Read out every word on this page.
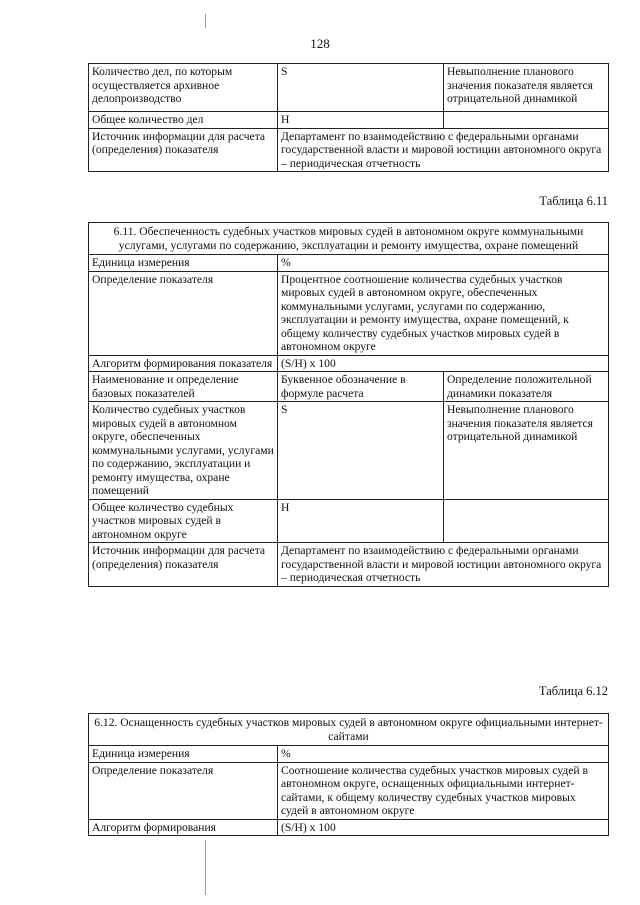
128
Количество дел, по которым осуществляется архивное делопроизводство	S	Невыполнение планового значения показателя является отрицательной динамикой
Общее количество дел	Н	
Источник информации для расчета (определения) показателя	Департамент по взаимодействию с федеральными органами государственной власти и мировой юстиции автономного округа – периодическая отчетность	
Таблица 6.11
6.11. Обеспеченность судебных участков мировых судей в автономном округе коммунальными услугами, услугами по содержанию, эксплуатации и ремонту имущества, охране помещений		
Единица измерения	%	
Определение показателя	Процентное соотношение количества судебных участков мировых судей в автономном округе, обеспеченных коммунальными услугами, услугами по содержанию, эксплуатации и ремонту имущества, охране помещений, к общему количеству судебных участков мировых судей в автономном округе	
Алгоритм формирования показателя	(S/H) x 100	
Наименование и определение базовых показателей	Буквенное обозначение в формуле расчета	Определение положительной динамики показателя
Количество судебных участков мировых судей в автономном округе, обеспеченных коммунальными услугами, услугами по содержанию, эксплуатации и ремонту имущества, охране помещений	S	Невыполнение планового значения показателя является отрицательной динамикой
Общее количество судебных участков мировых судей в автономном округе	Н	
Источник информации для расчета (определения) показателя	Департамент по взаимодействию с федеральными органами государственной власти и мировой юстиции автономного округа – периодическая отчетность	
Таблица 6.12
6.12. Оснащенность судебных участков мировых судей в автономном округе официальными интернет-сайтами	
Единица измерения	%
Определение показателя	Соотношение количества судебных участков мировых судей в автономном округе, оснащенных официальными интернет-сайтами, к общему количеству судебных участков мировых судей в автономном округе
Алгоритм формирования	(S/H) x 100
